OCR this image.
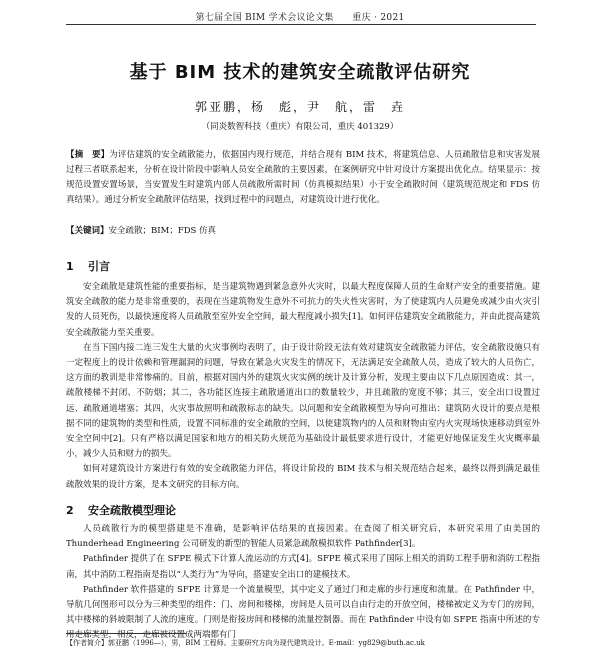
第七届全国 BIM 学术会议论文集　　重庆 · 2021
基于 BIM 技术的建筑安全疏散评估研究
郭亚鹏，杨　彪，尹　航，雷　垚
（同炎数智科技（重庆）有限公司，重庆 401329）
【摘　要】为评估建筑的安全疏散能力，依据国内现行规范，并结合现有 BIM 技术，将建筑信息、人员疏散信息和灾害发展过程三者联系起来，分析在设计阶段中影响人员安全疏散的主要因素，在案例研究中针对设计方案提出优化点。结果显示：按规范设置安置场景，当安置发生时建筑内部人员疏散所需时间（仿真模拟结果）小于安全疏散时间（建筑规范规定和 FDS 仿真结果）。通过分析安全疏散评估结果，找到过程中的问题点，对建筑设计进行优化。
【关键词】安全疏散；BIM；FDS 仿真
1 引言

安全疏散是建筑性能的重要指标，是当建筑物遇到紧急意外火灾时，以最大程度保障人员的生命财产安全的重要措施。建筑安全疏散的能力是非常重要的，表现在当建筑物发生意外不可抗力的失火性灾害时，为了使建筑内人员避免或减少由火灾引发的人员死伤，以最快速度将人员疏散至室外安全空间，最大程度减小损失[1]。如何评估建筑安全疏散能力，并由此提高建筑安全疏散能力至关重要。

在当下国内接二连三发生大量的火灾事例均表明了，由于设计阶段无法有效对建筑安全疏散能力评估，安全疏散设施只有一定程度上的设计依赖和管理漏洞的问题，导致在紧急火灾发生的情况下，无法满足安全疏散人员，造成了较大的人员伤亡，这方面的教训是非常惨痛的。目前，根据对国内外的建筑火灾实例的统计及计算分析，发现主要由以下几点原因造成：其一，疏散楼梯不封闭、不防烟；其二，各功能区连接主疏散通道出口的数量较少，并且疏散的宽度不够；其三，安全出口设置过远、疏散通道堵塞；其四，火灾事故照明和疏散标志的缺失。以问题和安全疏散模型为导向可推出：建筑防火设计的要点是根据不同的建筑物的类型和性质，设置不同标准的安全疏散的空间，以使建筑物内的人员和财物由室内火灾现场快速移动到室外安全空间中[2]。只有严格以满足国家和地方的相关防火规范为基础设计最低要求进行设计，才能更好地保证发生火灾概率最小，减少人员和财力的损失。

如何对建筑设计方案进行有效的安全疏散能力评估，将设计阶段的 BIM 技术与相关规范结合起来，最终以得到满足最佳疏散效果的设计方案，是本文研究的目标方向。

2 安全疏散模型理论

人员疏散行为的模型搭建是不准确，是影响评估结果的直接因素。在查阅了相关研究后，本研究采用了由美国的 Thunderhead Engineering 公司研发的新型的智能人员紧急疏散模拟软件 Pathfinder[3]。

Pathfinder 提供了在 SFPE 模式下计算人流运动的方式[4]。SFPE 模式采用了国际上相关的消防工程手册和消防工程指南，其中消防工程指南是指以“人类行为”为导向，搭建安全出口的建模技术。

Pathfinder 软件搭建的 SFPE 计算是一个流量模型，其中定义了通过门和走廊的步行速度和流量。在 Pathfinder 中，导航几何图形可以分为三种类型的组件：门、房间和楼梯，房间是人员可以自由行走的开放空间，楼梯被定义为专门的房间，其中楼梯的斜坡限制了人流的速度。门则是衔接房间和楼梯的流量控制器。而在 Pathfinder 中设有如 SFPE 指南中所述的专用走廊类型，相反，走廊被设置成两端都有门

【作者简介】郭亚鹏（1996—），男，BIM 工程师。主要研究方向为现代建筑设计。E-mail：yg829@buth.ac.uk
